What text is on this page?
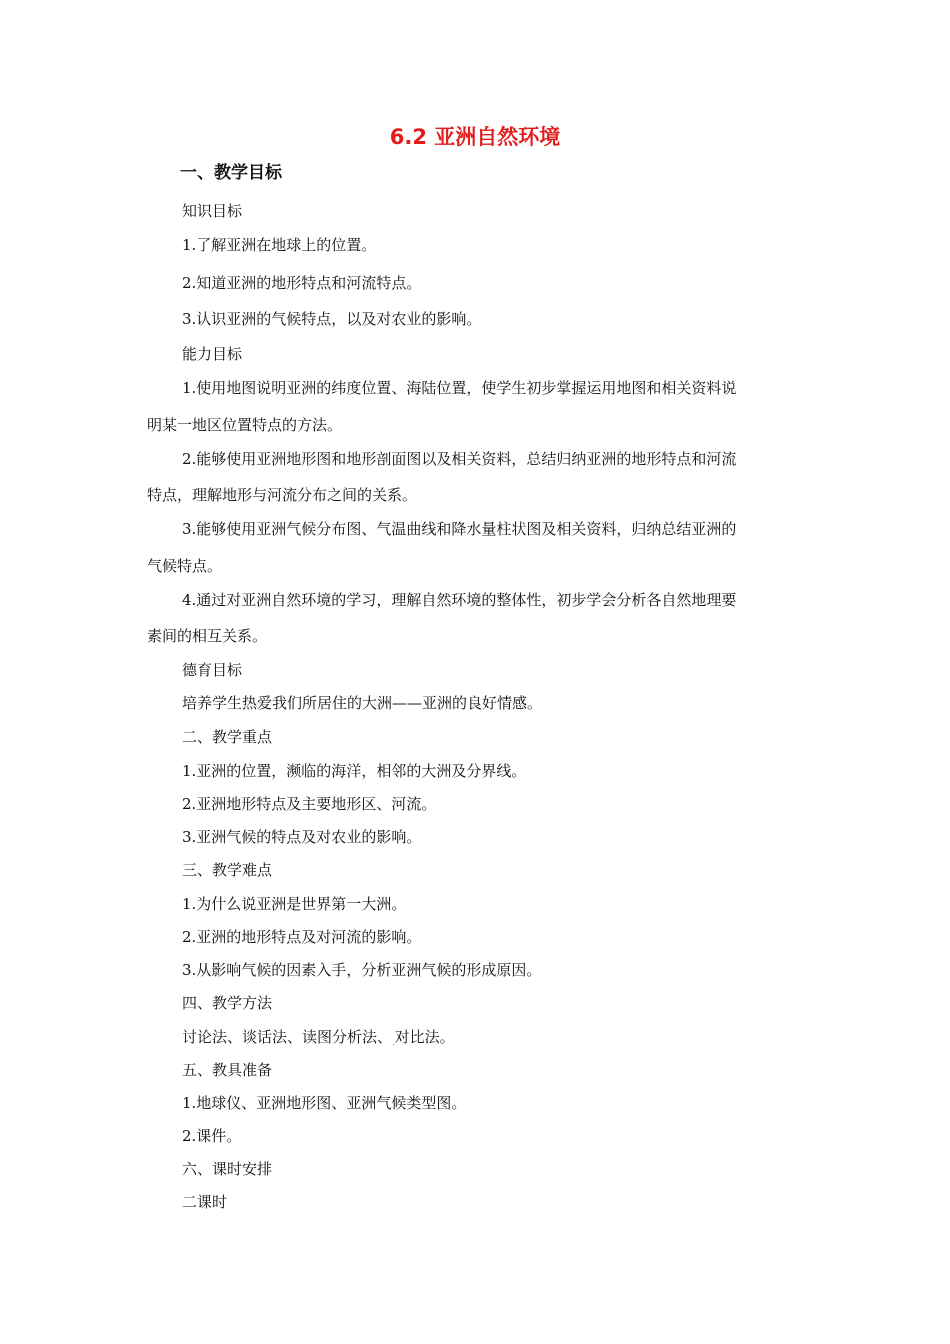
6.2 亚洲自然环境
一、教学目标

知识目标

1.了解亚洲在地球上的位置。

2.知道亚洲的地形特点和河流特点。

3.认识亚洲的气候特点，以及对农业的影响。

能力目标

1.使用地图说明亚洲的纬度位置、海陆位置，使学生初步掌握运用地图和相关资料说

明某一地区位置特点的方法。

2.能够使用亚洲地形图和地形剖面图以及相关资料，总结归纳亚洲的地形特点和河流

特点，理解地形与河流分布之间的关系。

3.能够使用亚洲气候分布图、气温曲线和降水量柱状图及相关资料，归纳总结亚洲的

气候特点。

4.通过对亚洲自然环境的学习，理解自然环境的整体性，初步学会分析各自然地理要

素间的相互关系。

德育目标

培养学生热爱我们所居住的大洲——亚洲的良好情感。

二、教学重点

1.亚洲的位置，濒临的海洋，相邻的大洲及分界线。

2.亚洲地形特点及主要地形区、河流。

3.亚洲气候的特点及对农业的影响。

三、教学难点

1.为什么说亚洲是世界第一大洲。

2.亚洲的地形特点及对河流的影响。

3.从影响气候的因素入手，分析亚洲气候的形成原因。

四、教学方法

讨论法、谈话法、读图分析法、$_.$对比法。

五、教具准备

1.地球仪、亚洲地形图、亚洲气候类型图。

2.课件。

六、课时安排

二课时
